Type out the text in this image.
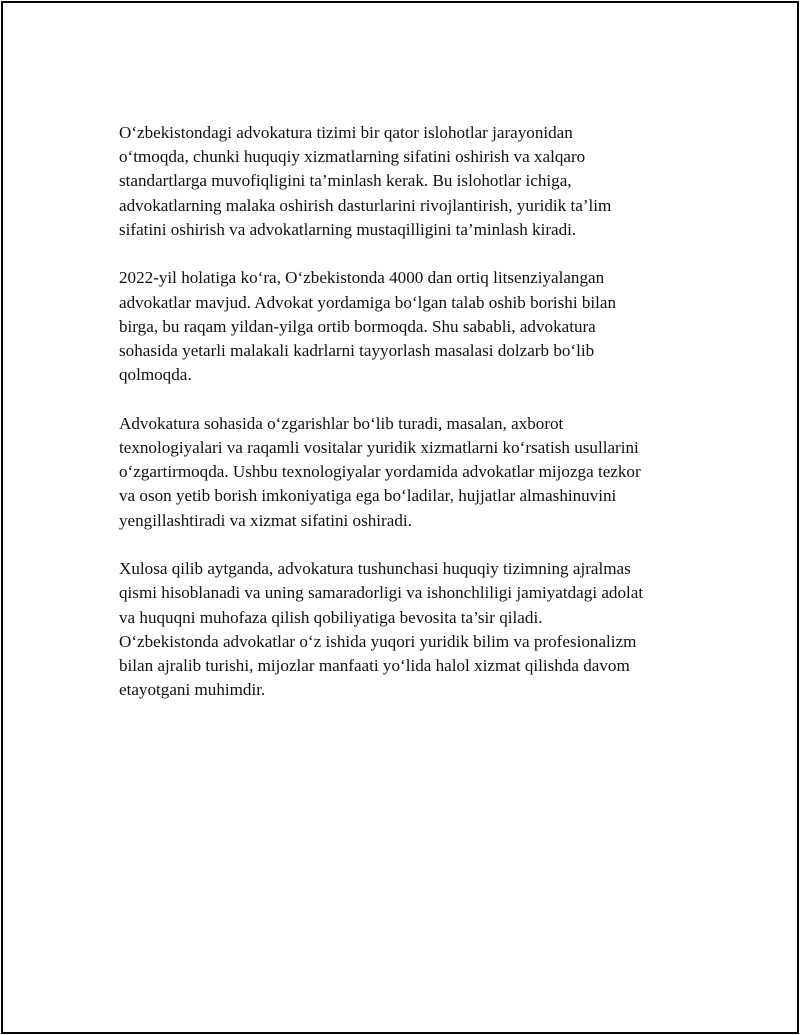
O‘zbekistondagi advokatura tizimi bir qator islohotlar jarayonidan
o‘tmoqda, chunki huquqiy xizmatlarning sifatini oshirish va xalqaro
standartlarga muvofiqligini ta’minlash kerak. Bu islohotlar ichiga,
advokatlarning malaka oshirish dasturlarini rivojlantirish, yuridik ta’lim
sifatini oshirish va advokatlarning mustaqilligini ta’minlash kiradi.

2022-yil holatiga ko‘ra, O‘zbekistonda 4000 dan ortiq litsenziyalangan
advokatlar mavjud. Advokat yordamiga bo‘lgan talab oshib borishi bilan
birga, bu raqam yildan-yilga ortib bormoqda. Shu sababli, advokatura
sohasida yetarli malakali kadrlarni tayyorlash masalasi dolzarb bo‘lib
qolmoqda.

Advokatura sohasida o‘zgarishlar bo‘lib turadi, masalan, axborot
texnologiyalari va raqamli vositalar yuridik xizmatlarni ko‘rsatish usullarini
o‘zgartirmoqda. Ushbu texnologiyalar yordamida advokatlar mijozga tezkor
va oson yetib borish imkoniyatiga ega bo‘ladilar, hujjatlar almashinuvini
yengillashtiradi va xizmat sifatini oshiradi.

Xulosa qilib aytganda, advokatura tushunchasi huquqiy tizimning ajralmas
qismi hisoblanadi va uning samaradorligi va ishonchliligi jamiyatdagi adolat
va huquqni muhofaza qilish qobiliyatiga bevosita ta’sir qiladi.
O‘zbekistonda advokatlar o‘z ishida yuqori yuridik bilim va profesionalizm
bilan ajralib turishi, mijozlar manfaati yo‘lida halol xizmat qilishda davom
etayotgani muhimdir.
